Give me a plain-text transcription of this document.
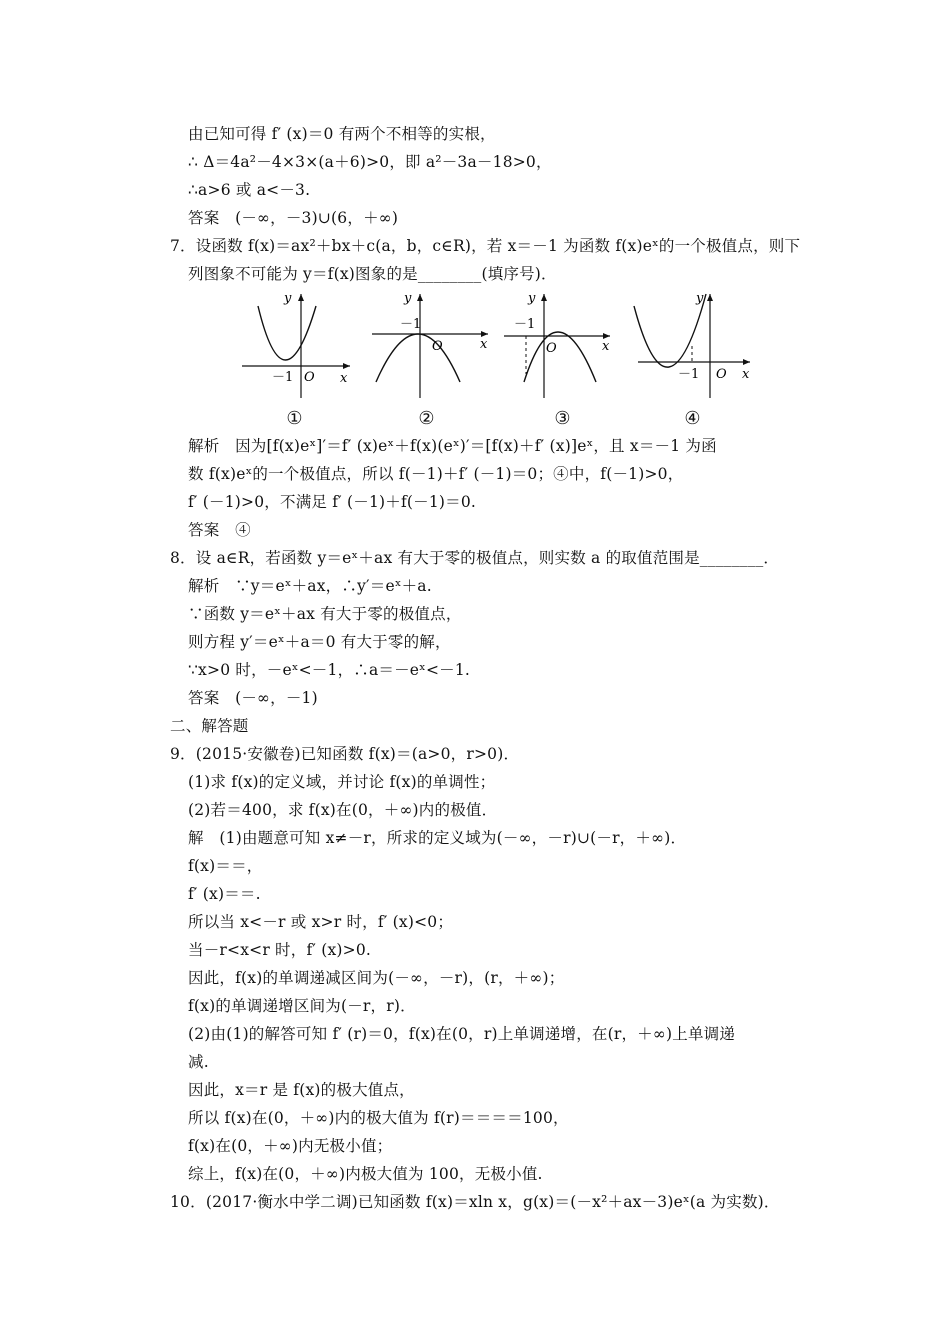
由已知可得 f′ (x)＝0 有两个不相等的实根，
∴ Δ＝4a²－4×3×(a＋6)>0，即 a²－3a－18>0，
∴a>6 或 a<－3.
答案　(－∞，－3)∪(6，＋∞)
7．设函数 f(x)＝ax²＋bx＋c(a，b，c∈R)，若 x＝－1 为函数 f(x)eˣ的一个极值点，则下
列图象不可能为 y＝f(x)图象的是________(填序号)．
y
x
O
－1
①
y
x
O
－1
②
y
x
O
－1
③
y
x
O
－1
④
解析　因为[f(x)eˣ]′＝f′ (x)eˣ＋f(x)(eˣ)′＝[f(x)＋f′ (x)]eˣ，且 x＝－1 为函
数 f(x)eˣ的一个极值点，所以 f(－1)＋f′ (－1)＝0；④中，f(－1)>0，
f′ (－1)>0，不满足 f′ (－1)＋f(－1)＝0.
答案　④
8．设 a∈R，若函数 y＝eˣ＋ax 有大于零的极值点，则实数 a 的取值范围是________．
解析　∵y＝eˣ＋ax，∴y′＝eˣ＋a.
∵函数 y＝eˣ＋ax 有大于零的极值点，
则方程 y′＝eˣ＋a＝0 有大于零的解，
∵x>0 时，－eˣ<－1，∴a＝－eˣ<－1.
答案　(－∞，－1)
二、解答题
9．(2015·安徽卷)已知函数 f(x)＝(a>0，r>0)．
(1)求 f(x)的定义域，并讨论 f(x)的单调性；
(2)若＝400，求 f(x)在(0，＋∞)内的极值．
解　(1)由题意可知 x≠－r，所求的定义域为(－∞，－r)∪(－r，＋∞)．
f(x)＝＝，
f′ (x)＝＝.
所以当 x<－r 或 x>r 时，f′ (x)<0；
当－r<x<r 时，f′ (x)>0.
因此，f(x)的单调递减区间为(－∞，－r)，(r，＋∞)；
f(x)的单调递增区间为(－r，r)．
(2)由(1)的解答可知 f′ (r)＝0，f(x)在(0，r)上单调递增，在(r，＋∞)上单调递
减.
因此，x＝r 是 f(x)的极大值点，
所以 f(x)在(0，＋∞)内的极大值为 f(r)＝＝＝＝100，
f(x)在(0，＋∞)内无极小值；
综上，f(x)在(0，＋∞)内极大值为 100，无极小值.
10．(2017·衡水中学二调)已知函数 f(x)＝xln x，g(x)＝(－x²＋ax－3)eˣ(a 为实数)．
